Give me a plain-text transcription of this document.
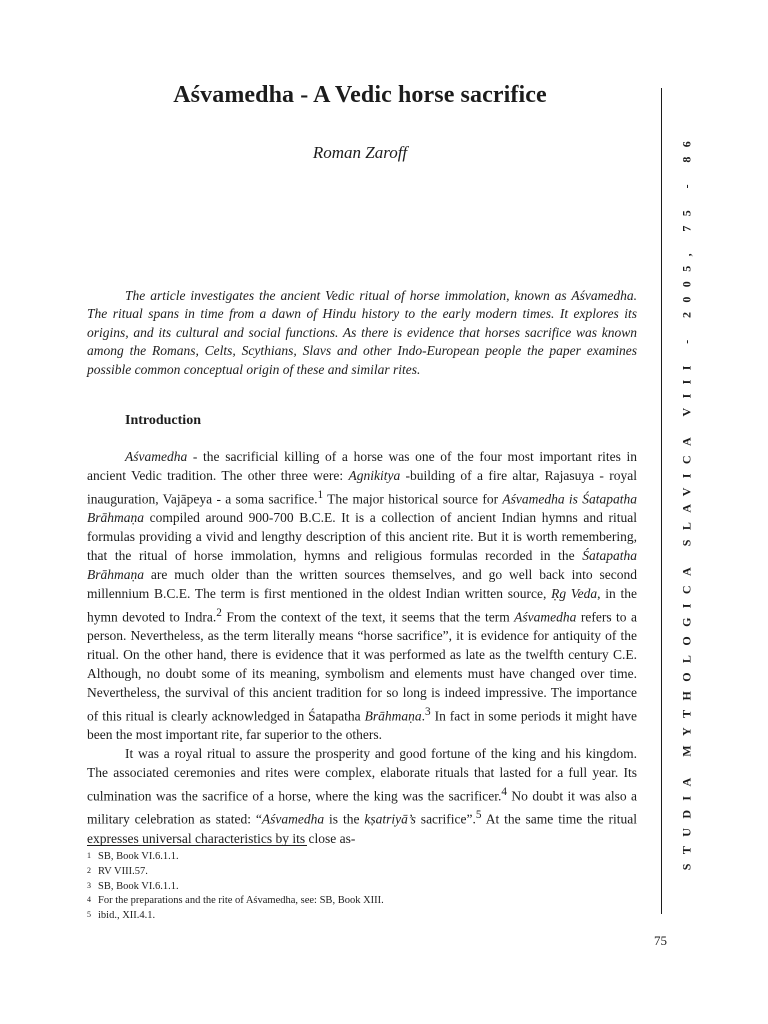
Aśvamedha - A Vedic horse sacrifice
Roman Zaroff

The article investigates the ancient Vedic ritual of horse immolation, known as Aśvamedha. The ritual spans in time from a dawn of Hindu history to the early modern times. It explores its origins, and its cultural and social functions. As there is evidence that horses sacrifice was known among the Romans, Celts, Scythians, Slavs and other Indo-European people the paper examines possible common conceptual origin of these and similar rites.

Introduction

Aśvamedha - the sacrificial killing of a horse was one of the four most important rites in ancient Vedic tradition. The other three were: Agnikitya -building of a fire altar, Rajasuya - royal inauguration, Vajāpeya - a soma sacrifice.$^1$ The major historical source for Aśvamedha is Śatapatha Brāhmaṇa compiled around 900-700 B.C.E. It is a collection of ancient Indian hymns and ritual formulas providing a vivid and lengthy description of this ancient rite. But it is worth remembering, that the ritual of horse immolation, hymns and religious formulas recorded in the Śatapatha Brāhmaṇa are much older than the written sources themselves, and go well back into second millennium B.C.E. The term is first mentioned in the oldest Indian written source, Ṛg Veda, in the hymn devoted to Indra.$^2$ From the context of the text, it seems that the term Aśvamedha refers to a person. Nevertheless, as the term literally means “horse sacrifice”, it is evidence for antiquity of the ritual. On the other hand, there is evidence that it was performed as late as the twelfth century C.E. Although, no doubt some of its meaning, symbolism and elements must have changed over time. Nevertheless, the survival of this ancient tradition for so long is indeed impressive. The importance of this ritual is clearly acknowledged in Śatapatha Brāhmaṇa.$^3$ In fact in some periods it might have been the most important rite, far superior to the others.

It was a royal ritual to assure the prosperity and good fortune of the king and his kingdom. The associated ceremonies and rites were complex, elaborate rituals that lasted for a full year. Its culmination was the sacrifice of a horse, where the king was the sacrificer.$^4$ No doubt it was also a military celebration as stated: “Aśvamedha is the kṣatriyā’s sacrifice”.$^5$ At the same time the ritual expresses universal characteristics by its close as-

1 SB, Book VI.6.1.1.
2 RV VIII.57.
3 SB, Book VI.6.1.1.
4 For the preparations and the rite of Aśvamedha, see: SB, Book XIII.
5 ibid., XII.4.1.
75
STUDIA MYTHOLOGICA SLAVICA VIII - 2005, 75 - 86
